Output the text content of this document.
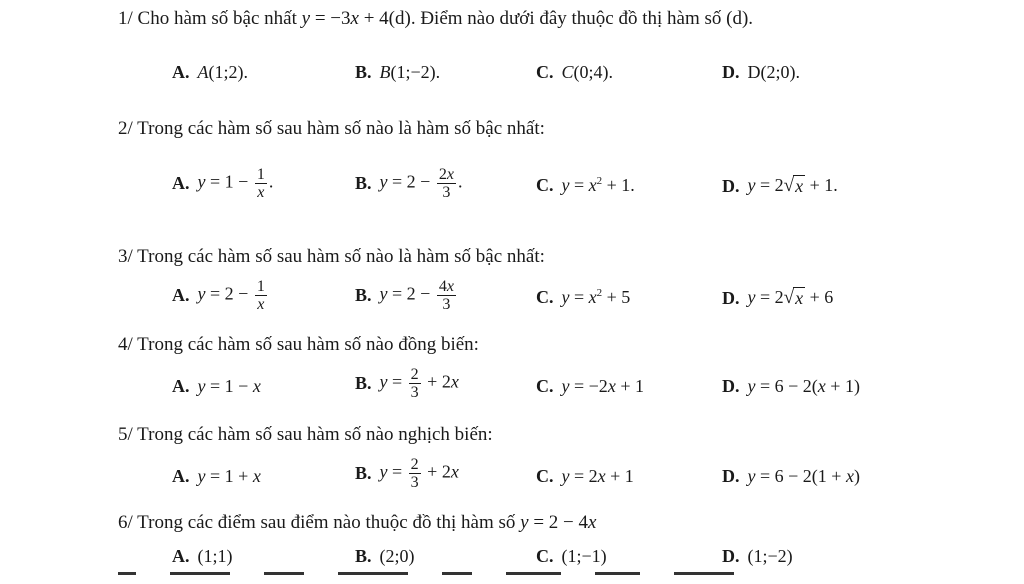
1/ Cho hàm số bậc nhất y = −3x + 4(d). Điểm nào dưới đây thuộc đồ thị hàm số (d).
A. A(1;2).	B. B(1;−2).	C. C(0;4).	D. D(2;0).
2/ Trong các hàm số sau hàm số nào là hàm số bậc nhất:
A. $y = 1 - \frac{1}{x}$ .	B. $y = 2 - \frac{2x}{3}$ .	C. $y = x^2 + 1$.	D. y = 2 √ x + 1.
3/ Trong các hàm số sau hàm số nào là hàm số bậc nhất:
A. $y = 2 - \frac{1}{x}$	B. $y = 2 - \frac{4x}{3}$	C. $y = x^2 + 5$	D. y = 2 √ x + 6
4/ Trong các hàm số sau hàm số nào đồng biến:
A. y = 1 − x	B. $y = \frac{2}{3} + 2x$	C. y = −2x + 1	D. y = 6 − 2(x + 1)
5/ Trong các hàm số sau hàm số nào nghịch biến:
A. y = 1 + x	B. $y = \frac{2}{3} + 2x$	C. y = 2x + 1	D. y = 6 − 2(1 + x)
6/ Trong các điểm sau điểm nào thuộc đồ thị hàm số y = 2 − 4x
A. (1;1)	B. (2;0)	C. (1;−1)	D. (1;−2)
